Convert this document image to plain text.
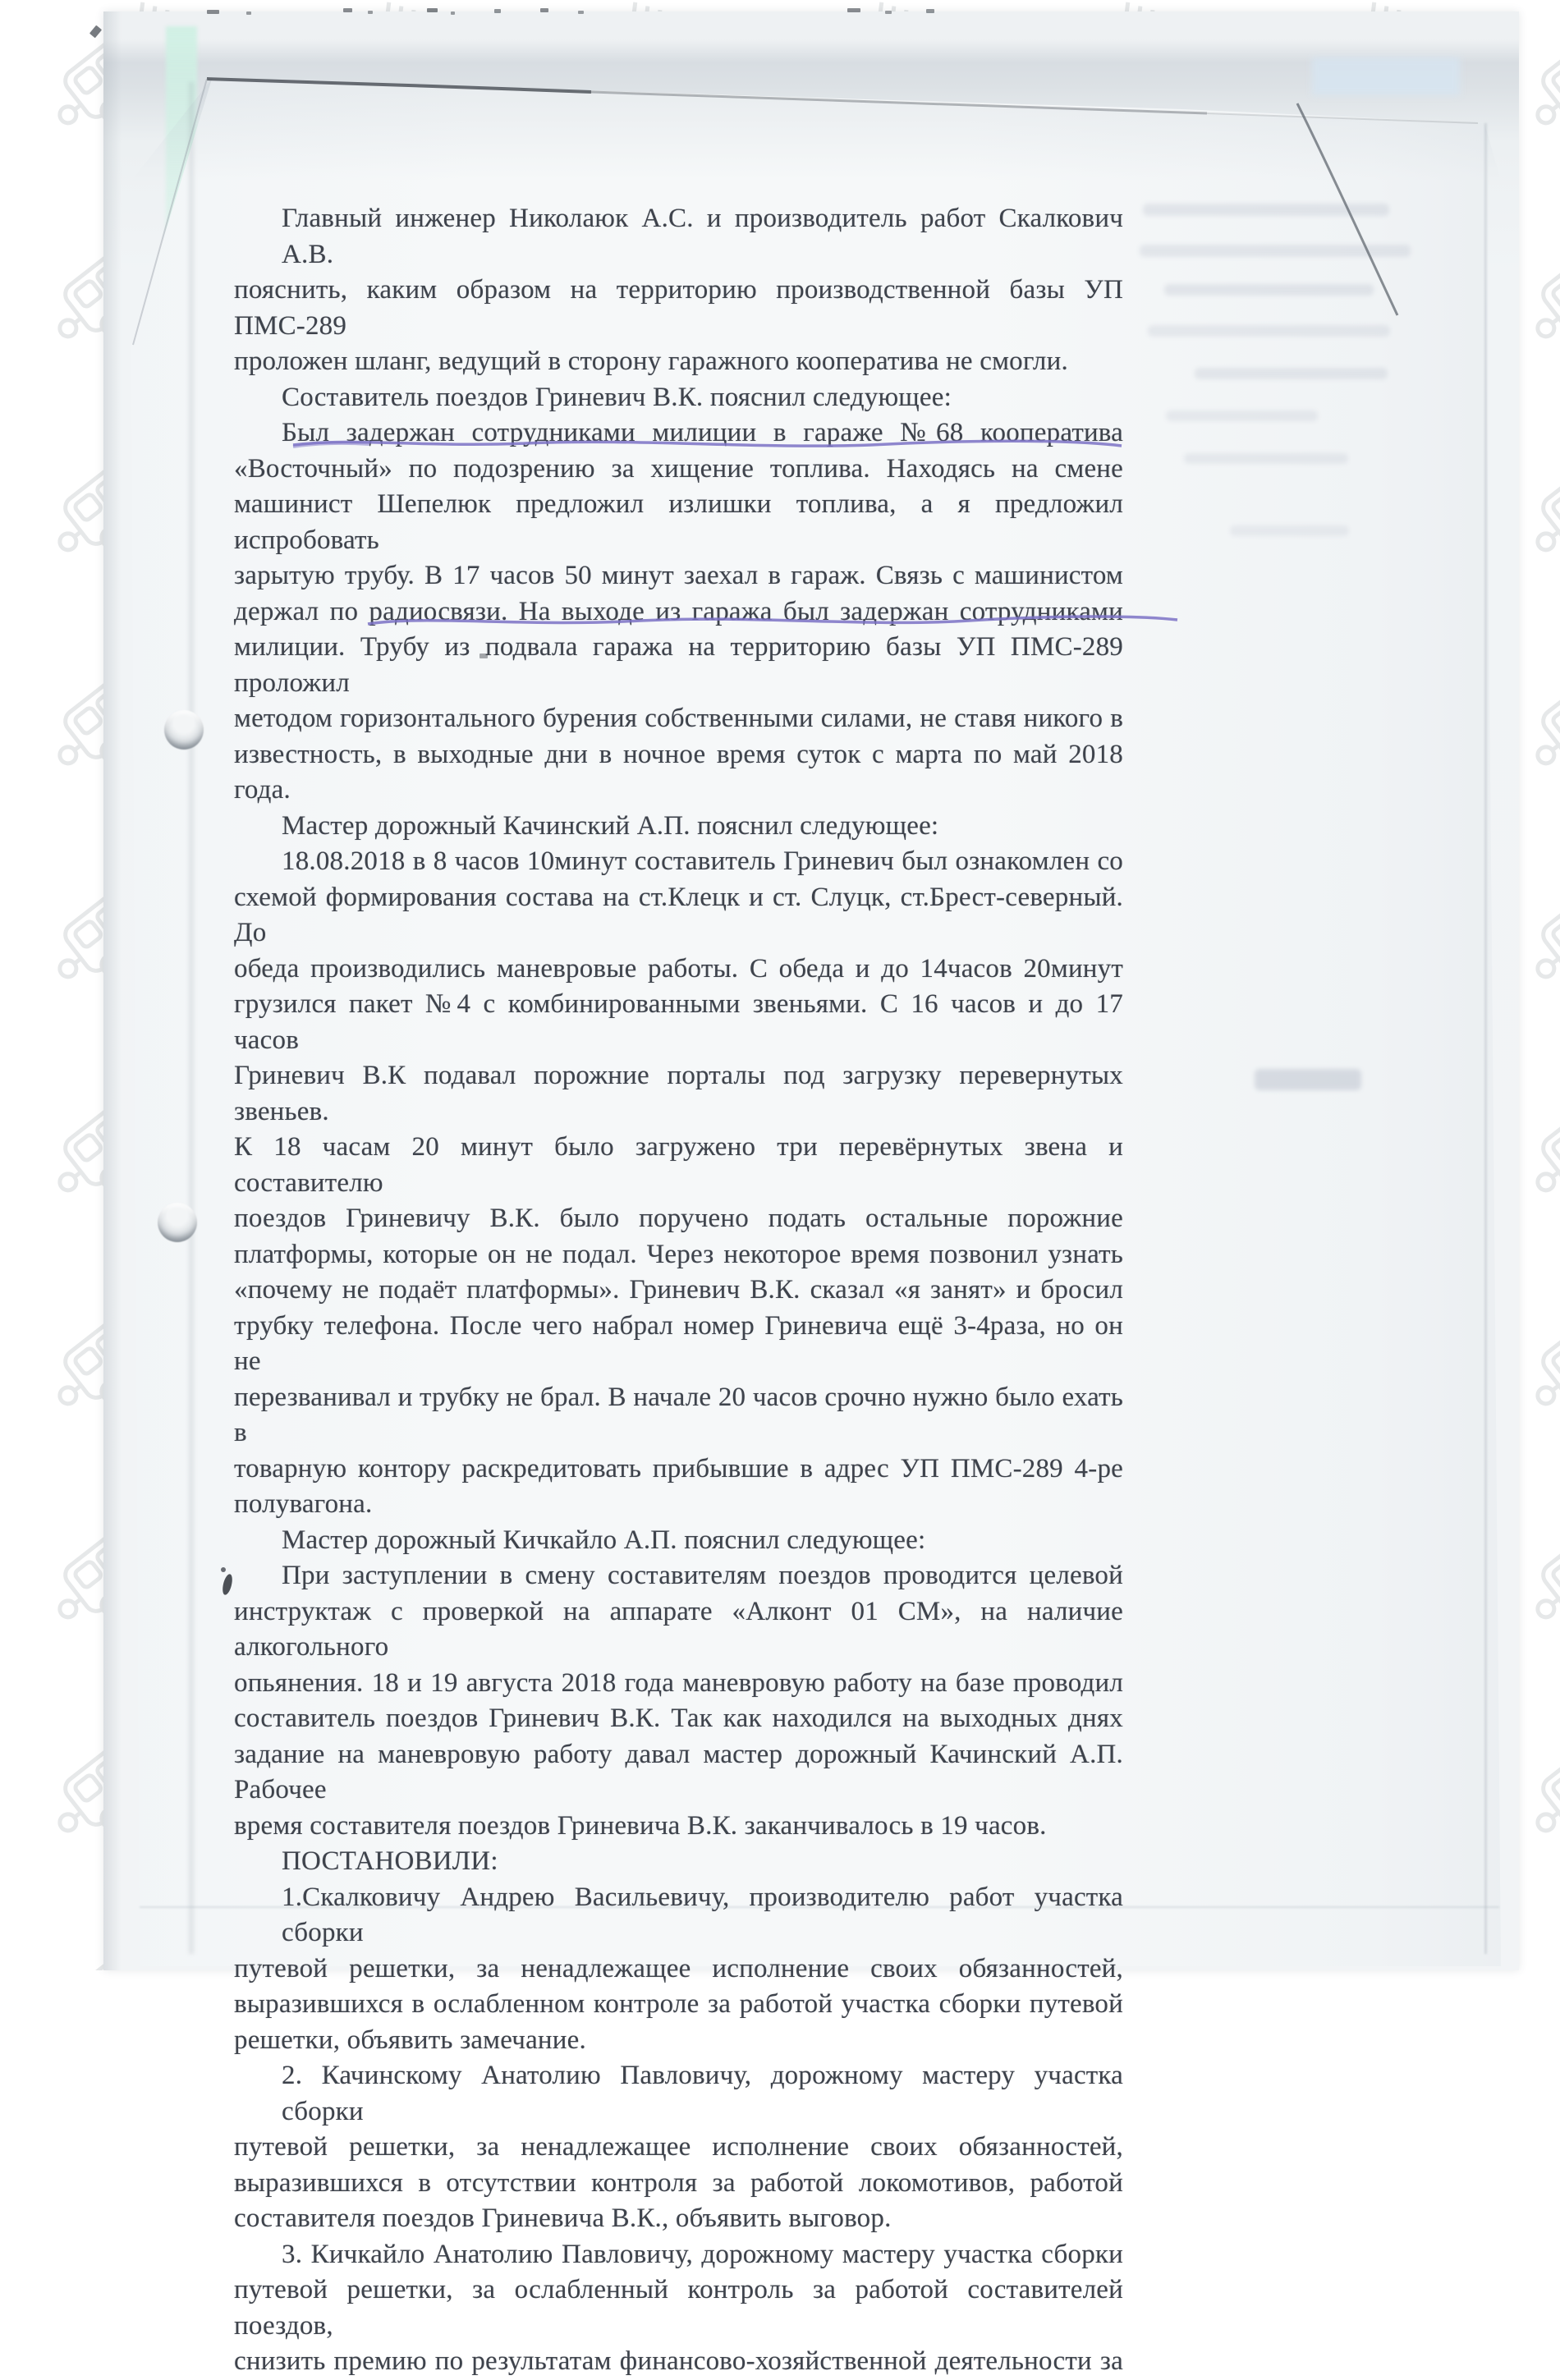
Главный инженер Николаюк А.С. и производитель работ Скалкович А.В.
пояснить, каким образом на территорию производственной базы УП ПМС-289
проложен шланг, ведущий в сторону гаражного кооператива не смогли.
Составитель поездов Гриневич В.К. пояснил следующее:
Был задержан сотрудниками милиции в гараже №68 кооператива
«Восточный» по подозрению за хищение топлива. Находясь на смене
машинист Шепелюк предложил излишки топлива, а я предложил испробовать
зарытую трубу. В 17 часов 50 минут заехал в гараж. Связь с машинистом
держал по радиосвязи. На выходе из гаража был задержан сотрудниками
милиции. Трубу из подвала гаража на территорию базы УП ПМС-289 проложил
методом горизонтального бурения собственными силами, не ставя никого в
известность, в выходные дни в ночное время суток с марта по май 2018 года.
Мастер дорожный Качинский А.П. пояснил следующее:
18.08.2018 в 8 часов 10минут составитель Гриневич был ознакомлен со
схемой формирования состава на ст.Клецк и ст. Слуцк, ст.Брест-северный. До
обеда производились маневровые работы. С обеда и до 14часов 20минут
грузился пакет №4 с комбинированными звеньями. С 16 часов и до 17 часов
Гриневич В.К подавал порожние порталы под загрузку перевернутых звеньев.
К 18 часам 20 минут было загружено три перевёрнутых звена и составителю
поездов Гриневичу В.К. было поручено подать остальные порожние
платформы, которые он не подал. Через некоторое время позвонил узнать
«почему не подаёт платформы». Гриневич В.К. сказал «я занят» и бросил
трубку телефона. После чего набрал номер Гриневича ещё 3-4раза, но он не
перезванивал и трубку не брал. В начале 20 часов срочно нужно было ехать в
товарную контору раскредитовать прибывшие в адрес УП ПМС-289 4-ре
полувагона.
Мастер дорожный Кичкайло А.П. пояснил следующее:
При заступлении в смену составителям поездов проводится целевой
инструктаж с проверкой на аппарате «Алконт 01 СМ», на наличие алкогольного
опьянения. 18 и 19 августа 2018 года маневровую работу на базе проводил
составитель поездов Гриневич В.К. Так как находился на выходных днях
задание на маневровую работу давал мастер дорожный Качинский А.П. Рабочее
время составителя поездов Гриневича В.К. заканчивалось в 19 часов.
ПОСТАНОВИЛИ:
1.Скалковичу Андрею Васильевичу, производителю работ участка сборки
путевой решетки, за ненадлежащее исполнение своих обязанностей,
выразившихся в ослабленном контроле за работой участка сборки путевой
решетки, объявить замечание.
2. Качинскому Анатолию Павловичу, дорожному мастеру участка сборки
путевой решетки, за ненадлежащее исполнение своих обязанностей,
выразившихся в отсутствии контроля за работой локомотивов, работой
составителя поездов Гриневича В.К., объявить выговор.
3. Кичкайло Анатолию Павловичу, дорожному мастеру участка сборки
путевой решетки, за ослабленный контроль за работой составителей поездов,
снизить премию по результатам финансово-хозяйственной деятельности за
